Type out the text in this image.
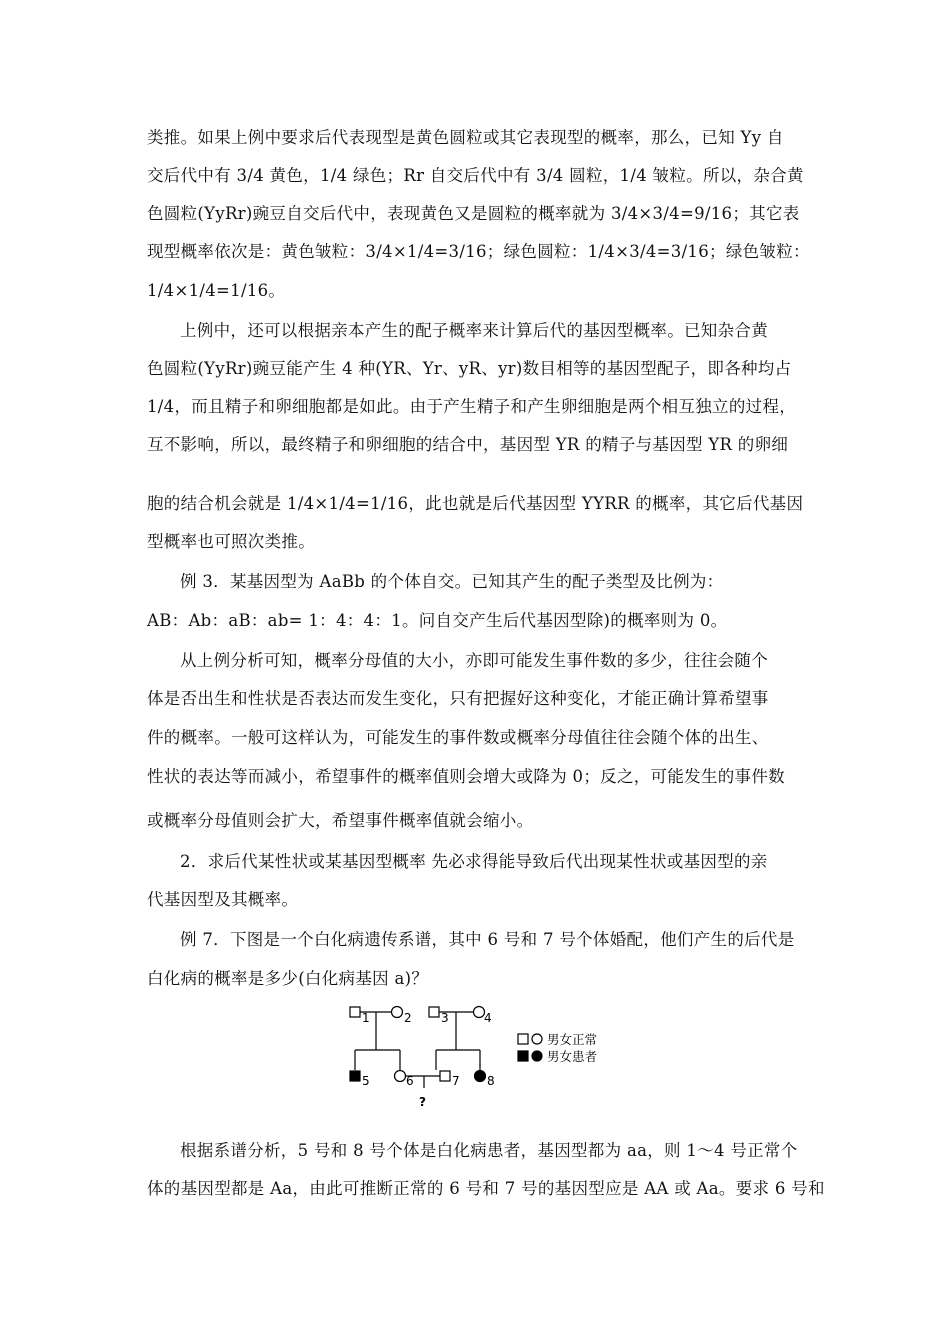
类推。如果上例中要求后代表现型是黄色圆粒或其它表现型的概率，那么，已知 Yy 自
交后代中有 3/4 黄色，1/4 绿色；Rr 自交后代中有 3/4 圆粒，1/4 皱粒。所以，杂合黄
色圆粒(YyRr)豌豆自交后代中，表现黄色又是圆粒的概率就为 3/4×3/4=9/16；其它表
现型概率依次是：黄色皱粒：3/4×1/4=3/16；绿色圆粒：1/4×3/4=3/16；绿色皱粒：
1/4×1/4=1/16。
上例中，还可以根据亲本产生的配子概率来计算后代的基因型概率。已知杂合黄
色圆粒(YyRr)豌豆能产生 4 种(YR、Yr、yR、yr)数目相等的基因型配子，即各种均占
1/4，而且精子和卵细胞都是如此。由于产生精子和产生卵细胞是两个相互独立的过程，
互不影响，所以，最终精子和卵细胞的结合中，基因型 YR 的精子与基因型 YR 的卵细
胞的结合机会就是 1/4×1/4=1/16，此也就是后代基因型 YYRR 的概率，其它后代基因
型概率也可照次类推。
例 3．某基因型为 AaBb 的个体自交。已知其产生的配子类型及比例为：
AB：Ab：aB：ab= 1：4：4：1。问自交产生后代基因型除)的概率则为 0。
从上例分析可知，概率分母值的大小，亦即可能发生事件数的多少，往往会随个
体是否出生和性状是否表达而发生变化，只有把握好这种变化，才能正确计算希望事
件的概率。一般可这样认为，可能发生的事件数或概率分母值往往会随个体的出生、
性状的表达等而减小，希望事件的概率值则会增大或降为 0；反之，可能发生的事件数
或概率分母值则会扩大，希望事件概率值就会缩小。
2．求后代某性状或某基因型概率 先必求得能导致后代出现某性状或基因型的亲
代基因型及其概率。
例 7．下图是一个白化病遗传系谱，其中 6 号和 7 号个体婚配，他们产生的后代是
白化病的概率是多少(白化病基因 a)？
1	2 3	4
5	6	7 8
?
男女正常
男女患者
根据系谱分析，5 号和 8 号个体是白化病患者，基因型都为 aa，则 1～4 号正常个
体的基因型都是 Aa，由此可推断正常的 6 号和 7 号的基因型应是 AA 或 Aa。要求 6 号和
